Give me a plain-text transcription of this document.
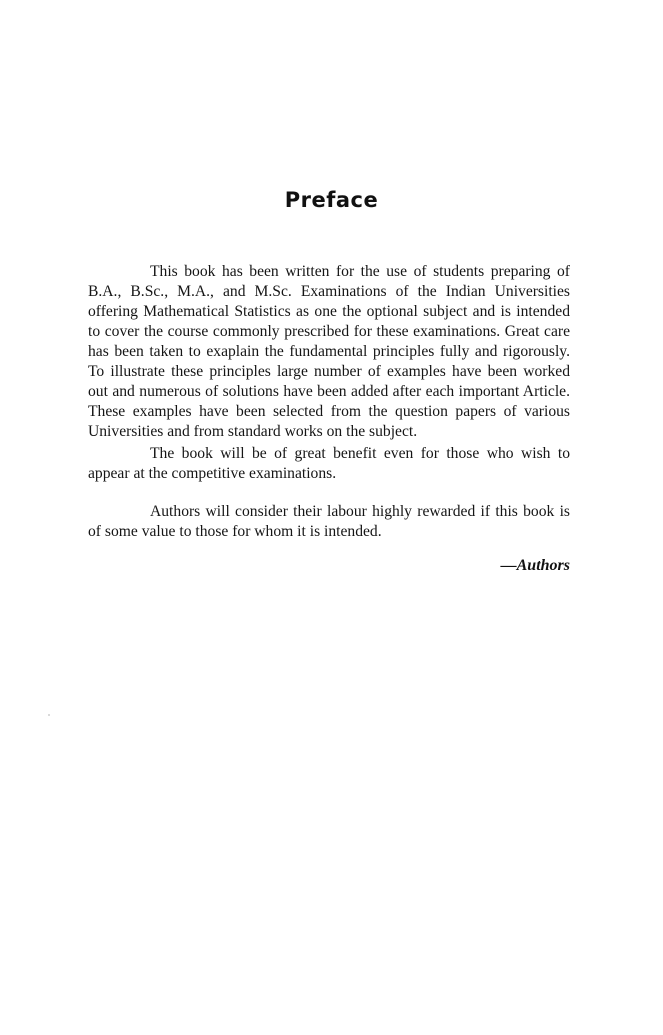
Preface

This book has been written for the use of students preparing of B.A., B.Sc., M.A., and M.Sc. Examinations of the Indian Universities offering Mathematical Statistics as one the optional subject and is intended to cover the course commonly prescribed for these examinations. Great care has been taken to exaplain the fundamental principles fully and rigorously. To illustrate these principles large number of examples have been worked out and numerous of solutions have been added after each important Article. These examples have been selected from the question papers of various Universities and from standard works on the subject.

The book will be of great benefit even for those who wish to appear at the competitive examinations.

Authors will consider their labour highly rewarded if this book is of some value to those for whom it is intended.

—Authors
